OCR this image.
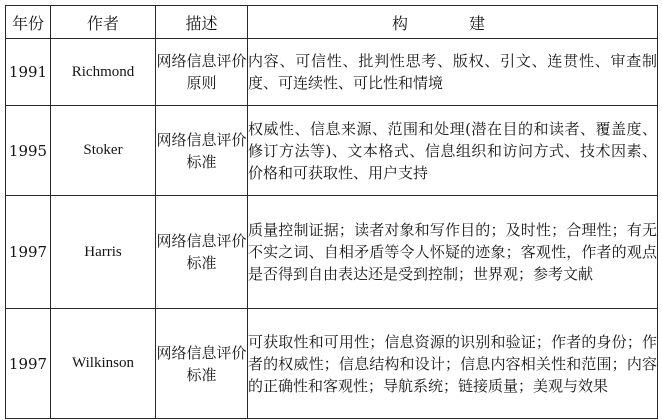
年份	作者	描述	构 建
1991	Richmond	网络信息评价原则	内容、可信性、批判性思考、版权、引文、连贯性、审查制度、可连续性、可比性和情境
1995	Stoker	网络信息评价标准	权威性、信息来源、范围和处理(潜在目的和读者、覆盖度、修订方法等)、文本格式、信息组织和访问方式、技术因素、价格和可获取性、用户支持
1997	Harris	网络信息评价标准	质量控制证据；读者对象和写作目的；及时性；合理性；有无不实之词、自相矛盾等令人怀疑的迹象；客观性，作者的观点是否得到自由表达还是受到控制；世界观；参考文献
1997	Wilkinson	网络信息评价标准	可获取性和可用性；信息资源的识别和验证；作者的身份；作者的权威性；信息结构和设计；信息内容相关性和范围；内容的正确性和客观性；导航系统；链接质量；美观与效果
